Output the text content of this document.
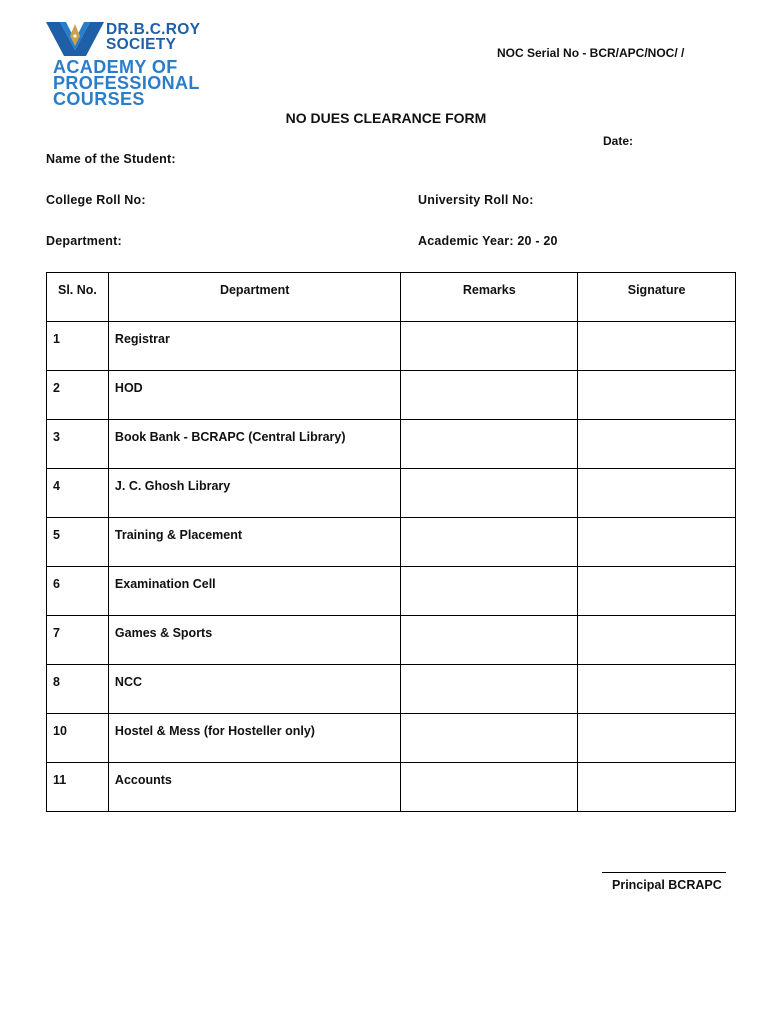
DR.B.C.ROY
SOCIETY
ACADEMY OF
PROFESSIONAL
COURSES
NOC Serial No - BCR/APC/NOC/ /
NO DUES CLEARANCE FORM
Date:
Name of the Student:
College Roll No:	University Roll No:
Department:	Academic Year: 20 - 20
Sl. No.	Department	Remarks	Signature
1	Registrar		
2	HOD		
3	Book Bank - BCRAPC (Central Library)		
4	J. C. Ghosh Library		
5	Training & Placement		
6	Examination Cell		
7	Games & Sports		
8	NCC		
10	Hostel & Mess (for Hosteller only)		
11	Accounts		
Principal BCRAPC
